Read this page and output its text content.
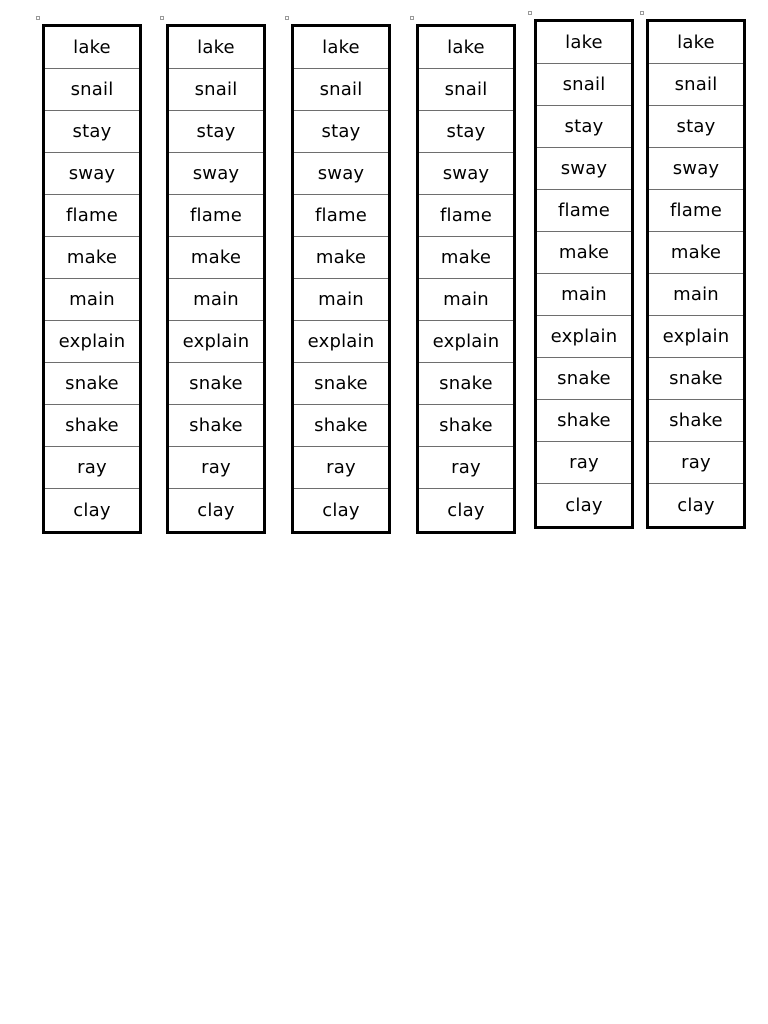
lake
snail
stay
sway
flame
make
main
explain
snake
shake
ray
clay
lake
snail
stay
sway
flame
make
main
explain
snake
shake
ray
clay
lake
snail
stay
sway
flame
make
main
explain
snake
shake
ray
clay
lake
snail
stay
sway
flame
make
main
explain
snake
shake
ray
clay
lake
snail
stay
sway
flame
make
main
explain
snake
shake
ray
clay
lake
snail
stay
sway
flame
make
main
explain
snake
shake
ray
clay
